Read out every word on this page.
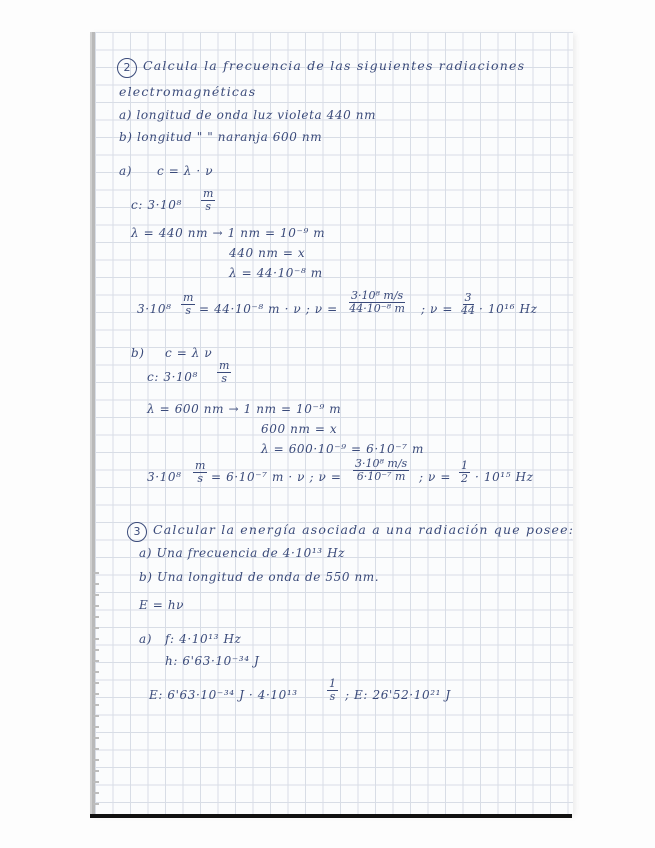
2	Calcula la frecuencia de las siguientes radiaciones
electromagnéticas
a) longitud de onda luz violeta 440 nm
b) longitud " " naranja 600 nm
a) c = λ · ν
c: $3\cdot 10^8 \frac{m}{s}$
λ = 440 nm → 1 nm = 10⁻⁹ m
440 nm = x
λ = 44·10⁻⁸ m
$3\cdot 10^8 \frac{m}{s} = 44\cdot 10^{-8}$ m · ν ; $\nu = \frac{\text{3·10⁸ m/s}}{\text{44·10⁻⁸ m}}$ ; $\nu = \frac{3}{44} \cdot 10^{16}$ Hz
b) c = λ ν
c: $3\cdot 10^8 \frac{m}{s}$
λ = 600 nm → 1 nm = 10⁻⁹ m
600 nm = x
λ = 600·10⁻⁹ = 6·10⁻⁷ m
$3\cdot 10^8 \frac{m}{s} = 6\cdot 10^{-7}$ m · ν ; $\nu = \frac{\text{3·10⁸ m/s}}{\text{6·10⁻⁷ m}}$ ; $\nu = \frac{1}{2} \cdot 10^{15}$ Hz
3	Calcular la energía asociada a una radiación que posee:
a) Una frecuencia de 4·10¹³ Hz
b) Una longitud de onda de 550 nm.
E = hν
a) f: 4·10¹³ Hz
h: 6'63·10⁻³⁴ J
E: 6'63·10⁻³⁴ J · 4·10¹³	$\frac{1}{s}$ ; E: 26'52·10²¹ J
